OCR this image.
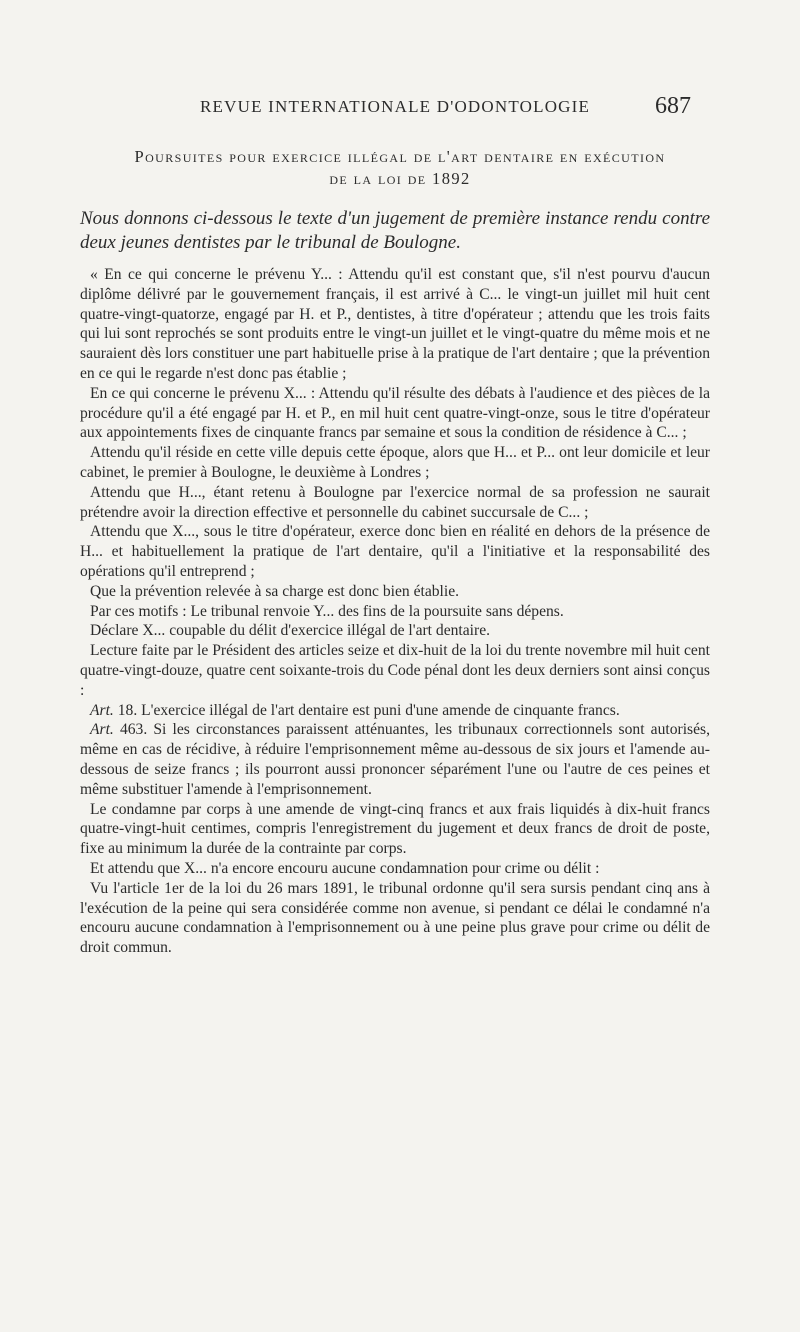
REVUE INTERNATIONALE D'ODONTOLOGIE	687
Poursuites pour exercice illégal de l'art dentaire en exécution
de la loi de 1892
Nous donnons ci-dessous le texte d'un jugement de première instance rendu contre deux jeunes dentistes par le tribunal de Boulogne.

« En ce qui concerne le prévenu Y... : Attendu qu'il est constant que, s'il n'est pourvu d'aucun diplôme délivré par le gouvernement français, il est arrivé à C... le vingt-un juillet mil huit cent quatre-vingt-quatorze, engagé par H. et P., dentistes, à titre d'opérateur ; attendu que les trois faits qui lui sont reprochés se sont produits entre le vingt-un juillet et le vingt-quatre du même mois et ne sauraient dès lors constituer une part habituelle prise à la pratique de l'art dentaire ; que la prévention en ce qui le regarde n'est donc pas établie ;

En ce qui concerne le prévenu X... : Attendu qu'il résulte des débats à l'audience et des pièces de la procédure qu'il a été engagé par H. et P., en mil huit cent quatre-vingt-onze, sous le titre d'opérateur aux appointements fixes de cinquante francs par semaine et sous la condition de résidence à C... ;

Attendu qu'il réside en cette ville depuis cette époque, alors que H... et P... ont leur domicile et leur cabinet, le premier à Boulogne, le deuxième à Londres ;

Attendu que H..., étant retenu à Boulogne par l'exercice normal de sa profession ne saurait prétendre avoir la direction effective et personnelle du cabinet succursale de C... ;

Attendu que X..., sous le titre d'opérateur, exerce donc bien en réalité en dehors de la présence de H... et habituellement la pratique de l'art dentaire, qu'il a l'initiative et la responsabilité des opérations qu'il entreprend ;

Que la prévention relevée à sa charge est donc bien établie.

Par ces motifs : Le tribunal renvoie Y... des fins de la poursuite sans dépens.

Déclare X... coupable du délit d'exercice illégal de l'art dentaire.

Lecture faite par le Président des articles seize et dix-huit de la loi du trente novembre mil huit cent quatre-vingt-douze, quatre cent soixante-trois du Code pénal dont les deux derniers sont ainsi conçus :

Art. 18. L'exercice illégal de l'art dentaire est puni d'une amende de cinquante francs.

Art. 463. Si les circonstances paraissent atténuantes, les tribunaux correctionnels sont autorisés, même en cas de récidive, à réduire l'emprisonnement même au-dessous de six jours et l'amende au-dessous de seize francs ; ils pourront aussi prononcer séparément l'une ou l'autre de ces peines et même substituer l'amende à l'emprisonnement.

Le condamne par corps à une amende de vingt-cinq francs et aux frais liquidés à dix-huit francs quatre-vingt-huit centimes, compris l'enregistrement du jugement et deux francs de droit de poste, fixe au minimum la durée de la contrainte par corps.

Et attendu que X... n'a encore encouru aucune condamnation pour crime ou délit :

Vu l'article 1er de la loi du 26 mars 1891, le tribunal ordonne qu'il sera sursis pendant cinq ans à l'exécution de la peine qui sera considérée comme non avenue, si pendant ce délai le condamné n'a encouru aucune condamnation à l'emprisonnement ou à une peine plus grave pour crime ou délit de droit commun.
